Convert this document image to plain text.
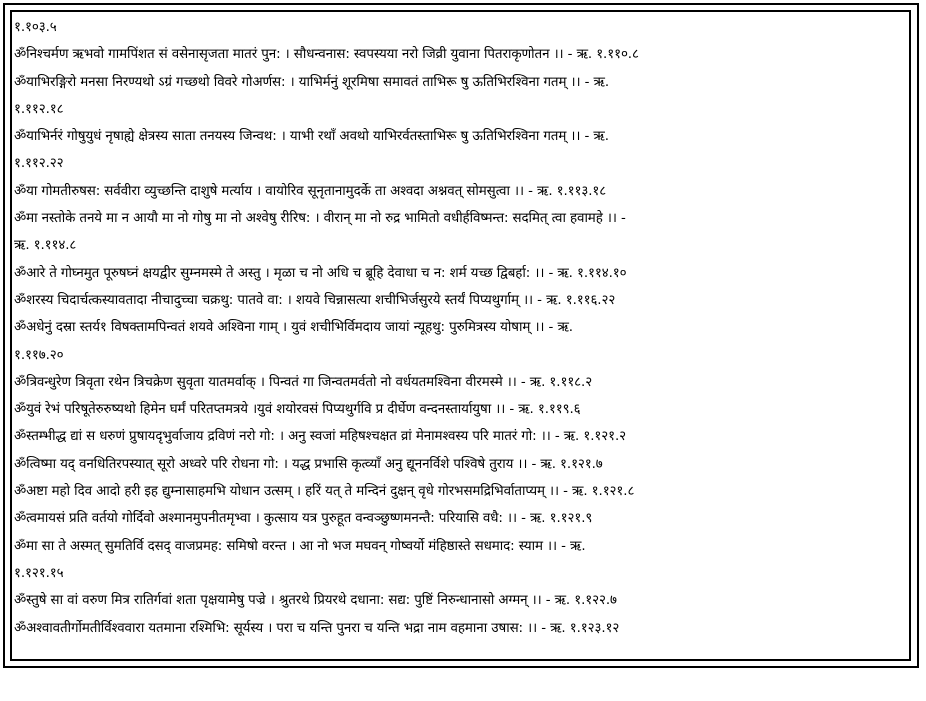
१.१०३.५
ॐनिश्चर्मण ऋभवो गामपिंशत सं वसेनासृजता मातरं पुन: । सौधन्वनास: स्वपस्यया नरो जिव्री युवाना पितराकृणोतन ।। - ऋ. १.११०.८
ॐयाभिरङ्गिरो मनसा निरण्यथो ऽग्रं गच्छथो विवरे गोअर्णस: । याभिर्मनुं शूरमिषा समावतं ताभिरू षु ऊतिभिरश्विना गतम् ।। - ऋ.
१.११२.१८
ॐयाभिर्नरं गोषुयुधं नृषाह्ये क्षेत्रस्य साता तनयस्य जिन्वथ: । याभी रथाँ अवथो याभिरर्वतस्ताभिरू षु ऊतिभिरश्विना गतम् ।। - ऋ.
१.११२.२२
ॐया गोमतीरुषस: सर्ववीरा व्युच्छन्ति दाशुषे मर्त्याय । वायोरिव सूनृतानामुदर्के ता अश्वदा अश्नवत् सोमसुत्वा ।। - ऋ. १.११३.१८
ॐमा नस्तोके तनये मा न आयौ मा नो गोषु मा नो अश्वेषु रीरिष: । वीरान् मा नो रुद्र भामितो वधीर्हविष्मन्त: सदमित् त्वा हवामहे ।। -
ऋ. १.११४.८
ॐआरे ते गोघ्नमुत पूरुषघ्नं क्षयद्वीर सुम्नमस्मे ते अस्तु । मृळा च नो अधि च ब्रूहि देवाधा च न: शर्म यच्छ द्विबर्हा: ।। - ऋ. १.११४.१०
ॐशरस्य चिदार्चत्कस्यावतादा नीचादुच्चा चक्रथु: पातवे वा: । शयवे चिन्नासत्या शचीभिर्जसुरये स्तर्यं पिप्यथुर्गाम् ।। - ऋ. १.११६.२२
ॐअधेनुं दस्रा स्तर्य१ विषक्तामपिन्वतं शयवे अश्विना गाम् । युवं शचीभिर्विमदाय जायां न्यूहथु: पुरुमित्रस्य योषाम् ।। - ऋ.
१.११७.२०
ॐत्रिवन्धुरेण त्रिवृता रथेन त्रिचक्रेण सुवृता यातमर्वाक् । पिन्वतं गा जिन्वतमर्वतो नो वर्धयतमश्विना वीरमस्मे ।। - ऋ. १.११८.२
ॐयुवं रेभं परिषूतेरुरुष्यथो हिमेन घर्मं परितप्तमत्रये ।युवं शयोरवसं पिप्यथुर्गवि प्र दीर्घेण वन्दनस्तार्यायुषा ।। - ऋ. १.११९.६
ॐस्तम्भीद्ध द्यां स धरुणं प्रुषायदृभुर्वाजाय द्रविणं नरो गो: । अनु स्वजां महिषश्चक्षत व्रां मेनामश्वस्य परि मातरं गो: ।। - ऋ. १.१२१.२
ॐत्विष्मा यद् वनधितिरपस्यात् सूरो अध्वरे परि रोधना गो: । यद्ध प्रभासि कृत्व्याँ अनु द्यूननर्विशे पश्विषे तुराय ।। - ऋ. १.१२१.७
ॐअष्टा महो दिव आदो हरी इह द्युम्नासाहमभि योधान उत्सम् । हरिं यत् ते मन्दिनं दुक्षन् वृधे गोरभसमद्रिभिर्वाताप्यम् ।। - ऋ. १.१२१.८
ॐत्वमायसं प्रति वर्तयो गोर्दिवो अश्मानमुपनीतमृभ्वा । कुत्साय यत्र पुरुहूत वन्वञ्छुष्णमनन्तै: परियासि वधै: ।। - ऋ. १.१२१.९
ॐमा सा ते अस्मत् सुमतिर्वि दसद् वाजप्रमह: समिषो वरन्त । आ नो भज मघवन् गोष्वर्यो मंहिष्ठास्ते सधमाद: स्याम ।। - ऋ.
१.१२१.१५
ॐस्तुषे सा वां वरुण मित्र रातिर्गवां शता पृक्षयामेषु पज्रे । श्रुतरथे प्रियरथे दधाना: सद्य: पुष्टिं निरुन्धानासो अग्मन् ।। - ऋ. १.१२२.७
ॐअश्वावतीर्गोमतीर्विश्ववारा यतमाना रश्मिभि: सूर्यस्य । परा च यन्ति पुनरा च यन्ति भद्रा नाम वहमाना उषास: ।। - ऋ. १.१२३.१२
